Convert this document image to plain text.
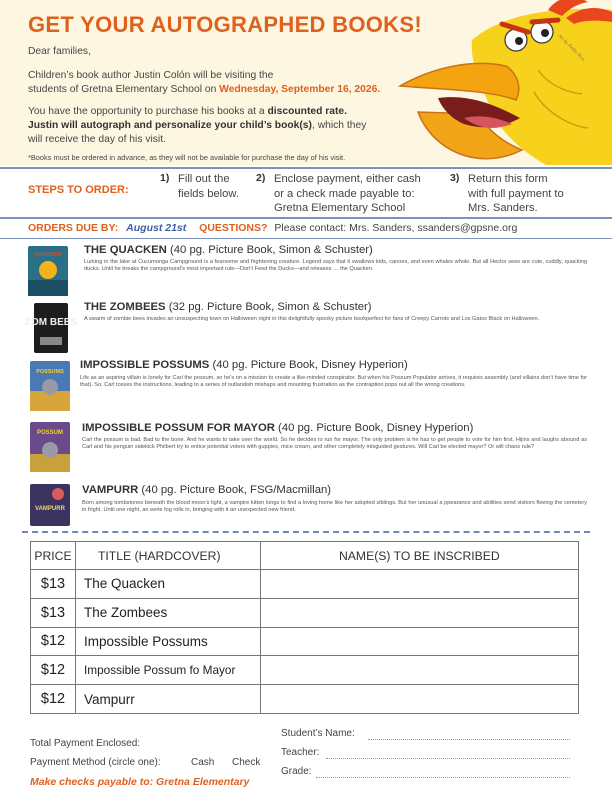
GET YOUR AUTOGRAPHED BOOKS!
Art by Pedro Rios
Dear families,
Children’s book author Justin Colón will be visiting the
students of Gretna Elementary School on Wednesday, September 16, 2026.
You have the opportunity to purchase his books at a discounted rate.
Justin will autograph and personalize your child’s book(s), which they
will receive the day of his visit.
*Books must be ordered in advance, as they will not be available for purchase the day of his visit.
STEPS TO ORDER:
1) Fill out the
fields below.
2) Enclose payment, either cash
or a check made payable to:
Gretna Elementary School
3) Return this form
with full payment to
Mrs. Sanders.
ORDERS DUE BY: August 21st QUESTIONS? Please contact: Mrs. Sanders, ssanders@gpsne.org
QUACKEN THE QUACKEN (40 pg. Picture Book, Simon & Schuster)
Lurking in the lake at Cucumonga Campground is a fearsome and frightening creature. Legend says that it swallows kids, canoes, and even whales whole. But all Hector sees are cute, cuddly, quacking ducks. Until he breaks the campground’s most important rule—Don’t Feed the Ducks—and releases … the Quacken.
ZOM BEES
THE ZOMBEES (32 pg. Picture Book, Simon & Schuster)
A swarm of zombie bees invades an unsuspecting town on Halloween night in this delightfully spooky picture bookperfect for fans of Creepy Carrots and Los Gatos Black on Halloween.
POSSUMS
IMPOSSIBLE POSSUMS (40 pg. Picture Book, Disney Hyperion)
Life as an aspiring villain is lonely for Carl the possum, so he’s on a mission to create a like-minded conspirator. But when his Possum Populator arrives, it requires assembly (and villains don’t have time for that). So, Carl tosses the instructions, leading to a series of outlandish mishaps and mounting frustration as the contraption pops out all the wrong creations.
POSSUM IMPOSSIBLE POSSUM FOR MAYOR (40 pg. Picture Book, Disney Hyperion)
Carl the possum is bad. Bad to the bone. And he wants to take over the world. So he decides to run for mayor. The only problem is he has to get people to vote for him first. Hijinx and laughs abound as Carl and his penguin sidekick Philbert try to entice potential voters with guppies, mice cream, and other completely misguided gestures. Will Carl be elected mayor? Or will chaos rule?
VAMPURR
VAMPURR (40 pg. Picture Book, FSG/Macmillan)
Born among tombstones beneath the blood moon’s light, a vampire kitten longs to find a loving home like her adopted siblings. But her unusual a ppearance and abilities send visitors fleeing the cemetery in fright. Until one night, an eerie fog rolls in, bringing with it an unexpected new friend.
PRICE	TITLE (HARDCOVER)	NAME(S) TO BE INSCRIBED
$13	The Quacken	
$13	The Zombees	
$12	Impossible Possums	
$12	Impossible Possum fo Mayor	
$12	Vampurr	
Total Payment Enclosed:
Payment Method (circle one):	Cash Check
Make checks payable to: Gretna Elementary
Student’s Name:
Teacher:
Grade:
